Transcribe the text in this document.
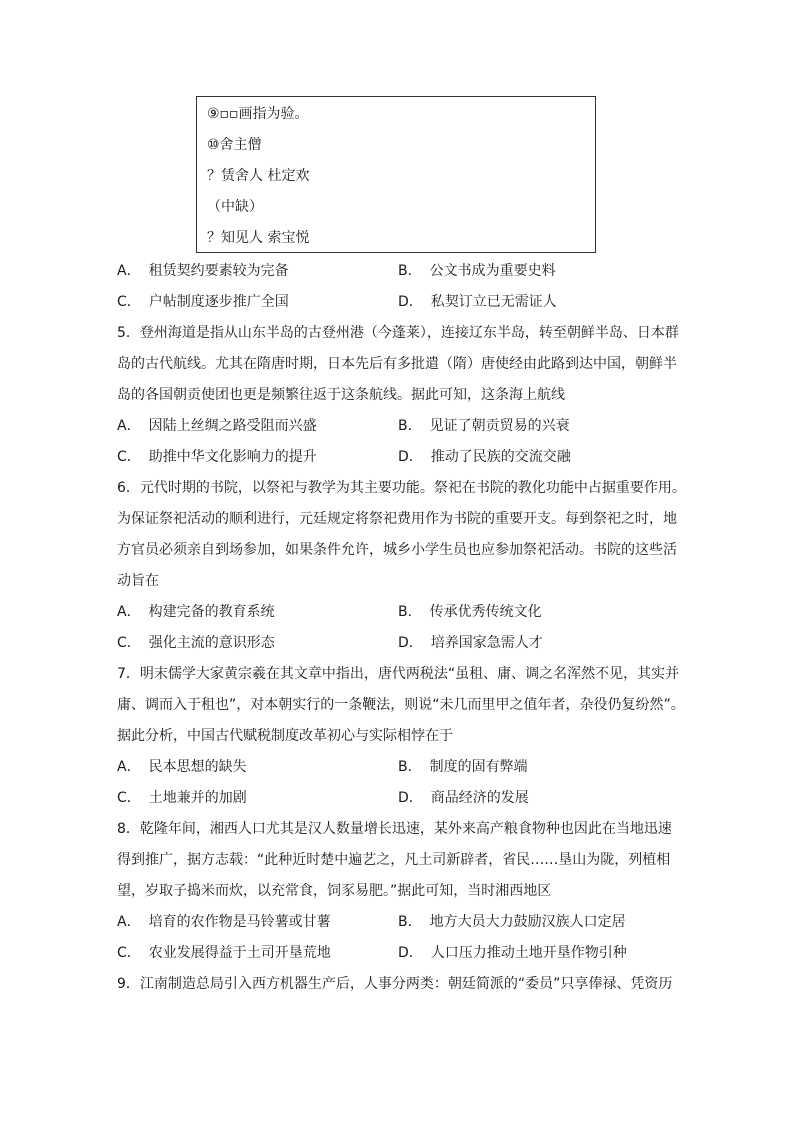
⑨▫▫画指为验。
⑩舍主僧
？赁舍人 杜定欢
（中缺）
？知见人 索宝悦
A． 租赁契约要素较为完备	B． 公文书成为重要史料
C． 户帖制度逐步推广全国	D． 私契订立已无需证人
5．登州海道是指从山东半岛的古登州港（今蓬莱），连接辽东半岛，转至朝鲜半岛、日本群
岛的古代航线。尤其在隋唐时期，日本先后有多批遣（隋）唐使经由此路到达中国，朝鲜半
岛的各国朝贡使团也更是频繁往返于这条航线。据此可知，这条海上航线
A． 因陆上丝绸之路受阻而兴盛	B． 见证了朝贡贸易的兴衰
C． 助推中华文化影响力的提升	D． 推动了民族的交流交融
6．元代时期的书院，以祭祀与教学为其主要功能。祭祀在书院的教化功能中占据重要作用。
为保证祭祀活动的顺利进行，元廷规定将祭祀费用作为书院的重要开支。每到祭祀之时，地
方官员必须亲自到场参加，如果条件允许，城乡小学生员也应参加祭祀活动。书院的这些活
动旨在
A． 构建完备的教育系统	B． 传承优秀传统文化
C． 强化主流的意识形态	D． 培养国家急需人才
7．明末儒学大家黄宗羲在其文章中指出，唐代两税法“虽租、庸、调之名浑然不见，其实并
庸、调而入于租也”，对本朝实行的一条鞭法，则说“未几而里甲之值年者，杂役仍复纷然”。
据此分析，中国古代赋税制度改革初心与实际相悖在于
A． 民本思想的缺失	B． 制度的固有弊端
C． 土地兼并的加剧	D． 商品经济的发展
8．乾隆年间，湘西人口尤其是汉人数量增长迅速，某外来高产粮食物种也因此在当地迅速
得到推广，据方志载：“此种近时楚中遍艺之，凡土司新辟者，省民……垦山为陇，列植相
望，岁取子捣米而炊，以充常食，饲豕易肥。”据此可知，当时湘西地区
A． 培育的农作物是马铃薯或甘薯	B． 地方大员大力鼓励汉族人口定居
C． 农业发展得益于土司开垦荒地	D． 人口压力推动土地开垦作物引种
9．江南制造总局引入西方机器生产后，人事分两类：朝廷简派的“委员”只享俸禄、凭资历
